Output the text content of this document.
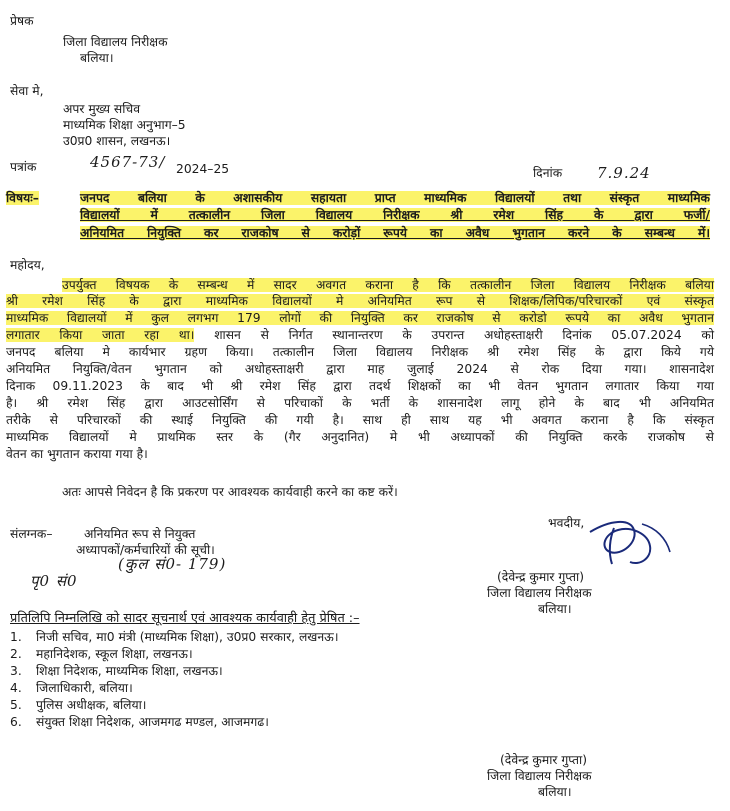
प्रेषक
जिला विद्यालय निरीक्षक
बलिया।
सेवा मे,
अपर मुख्य सचिव
माध्यमिक शिक्षा अनुभाग–5
उ0प्र0 शासन, लखनऊ।
पत्रांक	4567-73/ 2024–25	दिनांक 7.9.24
विषयः–	जनपद बलिया के अशासकीय सहायता प्राप्त माध्यमिक विद्यालयों तथा संस्कृत माध्यमिक
विद्यालयों में तत्कालीन जिला विद्यालय निरीक्षक श्री रमेश सिंह के द्वारा फर्जी/
अनियमित नियुक्ति कर राजकोष से करोड़ों रूपये का अवैध भुगतान करने के सम्बन्ध में।
महोदय,
उपर्युक्त विषयक के सम्बन्ध में सादर अवगत कराना है कि तत्कालीन जिला विद्यालय निरीक्षक बलिया
श्री रमेश सिंह के द्वारा माध्यमिक विद्यालयों मे अनियमित रूप से शिक्षक/लिपिक/परिचारकों एवं संस्कृत
माध्यमिक विद्यालयों में कुल लगभग 179 लोगों की नियुक्ति कर राजकोष से करोडो रूपये का अवैध भुगतान
लगातार किया जाता रहा था। शासन से निर्गत स्थानान्तरण के उपरान्त अधोहस्ताक्षरी दिनांक 05.07.2024 को
जनपद बलिया मे कार्यभार ग्रहण किया। तत्कालीन जिला विद्यालय निरीक्षक श्री रमेश सिंह के द्वारा किये गये
अनियमित नियुक्ति/वेतन भुगतान को अधोहस्ताक्षरी द्वारा माह जुलाई 2024 से रोक दिया गया। शासनादेश
दिनाक 09.11.2023 के बाद भी श्री रमेश सिंह द्वारा तदर्थ शिक्षकों का भी वेतन भुगतान लगातार किया गया
है। श्री रमेश सिंह द्वारा आउटसोर्सिंग से परिचाकों के भर्ती के शासनादेश लागू होने के बाद भी अनियमित
तरीके से परिचारकों की स्थाई नियुक्ति की गयी है। साथ ही साथ यह भी अवगत कराना है कि संस्कृत
माध्यमिक विद्यालयों मे प्राथमिक स्तर के (गैर अनुदानित) मे भी अध्यापकों की नियुक्ति करके राजकोष से
वेतन का भुगतान कराया गया है।
अतः आपसे निवेदन है कि प्रकरण पर आवश्यक कार्यवाही करने का कष्ट करें।
संलग्नक–	अनियमित रूप से नियुक्त
अध्यापकों/कर्मचारियों की सूची।
(कुल सं0- 179)
पृ0 सं0
भवदीय,
(देवेन्द्र कुमार गुप्ता)
जिला विद्यालय निरीक्षक
बलिया।
प्रतिलिपि निम्नलिखि को सादर सूचनार्थ एवं आवश्यक कार्यवाही हेतु प्रेषित :–
1. निजी सचिव, मा0 मंत्री (माध्यमिक शिक्षा), उ0प्र0 सरकार, लखनऊ।
2. महानिदेशक, स्कूल शिक्षा, लखनऊ।
3. शिक्षा निदेशक, माध्यमिक शिक्षा, लखनऊ।
4. जिलाधिकारी, बलिया।
5. पुलिस अधीक्षक, बलिया।
6. संयुक्त शिक्षा निदेशक, आजमगढ मण्डल, आजमगढ।
(देवेन्द्र कुमार गुप्ता)
जिला विद्यालय निरीक्षक
बलिया।
